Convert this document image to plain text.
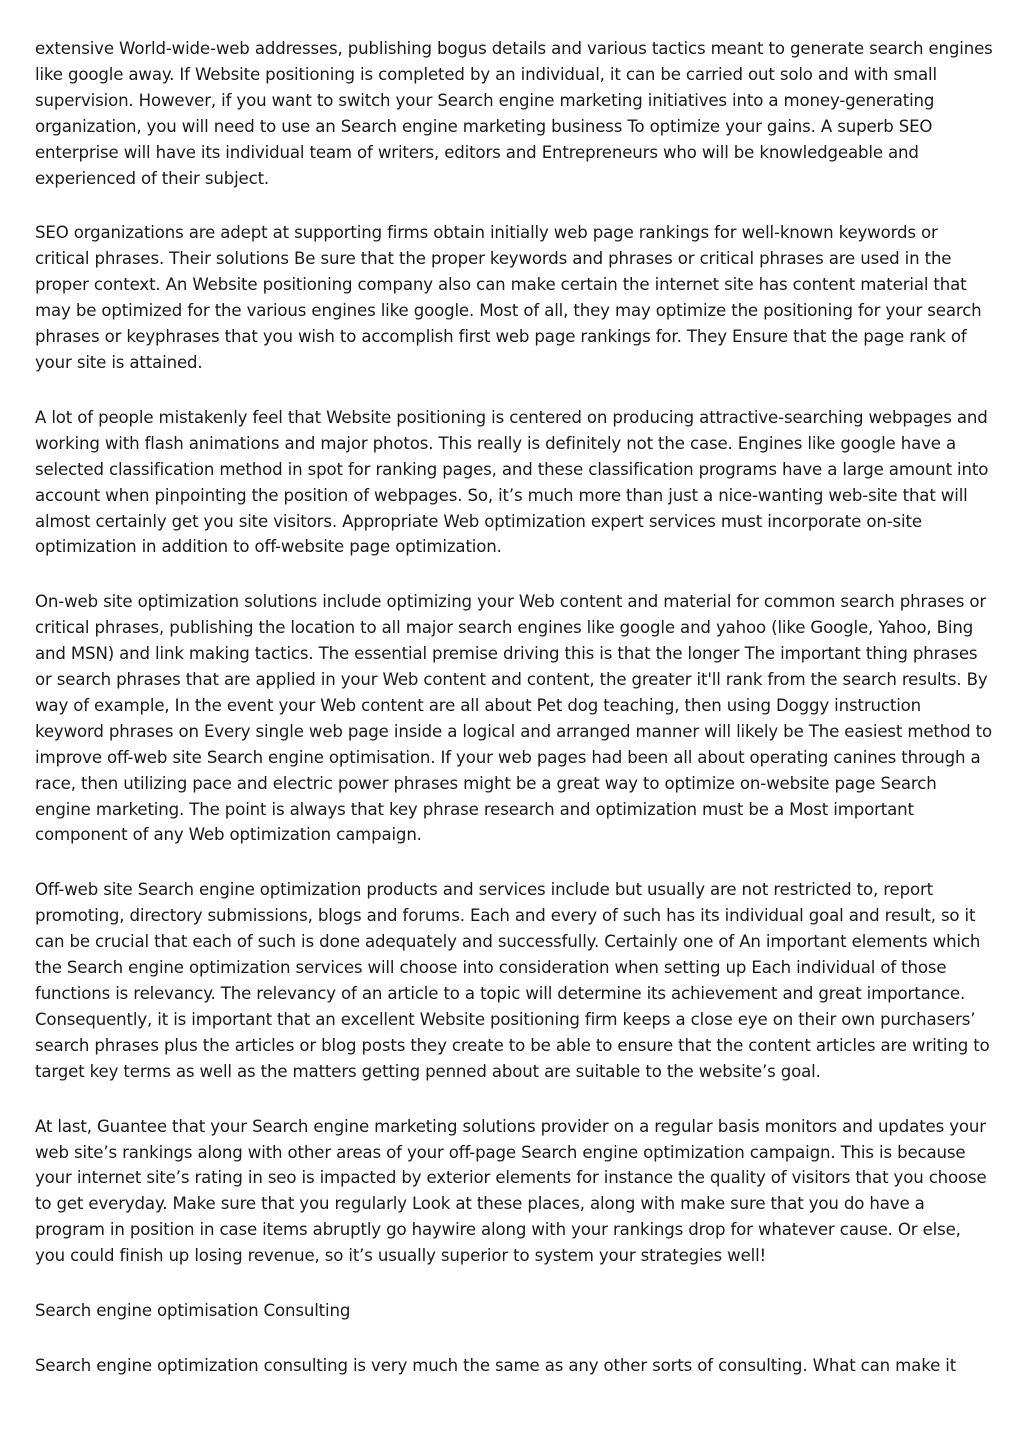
extensive World-wide-web addresses, publishing bogus details and various tactics meant to generate search engines like google away. If Website positioning is completed by an individual, it can be carried out solo and with small supervision. However, if you want to switch your Search engine marketing initiatives into a money-generating organization, you will need to use an Search engine marketing business To optimize your gains. A superb SEO enterprise will have its individual team of writers, editors and Entrepreneurs who will be knowledgeable and experienced of their subject.

SEO organizations are adept at supporting firms obtain initially web page rankings for well-known keywords or critical phrases. Their solutions Be sure that the proper keywords and phrases or critical phrases are used in the proper context. An Website positioning company also can make certain the internet site has content material that may be optimized for the various engines like google. Most of all, they may optimize the positioning for your search phrases or keyphrases that you wish to accomplish first web page rankings for. They Ensure that the page rank of your site is attained.

A lot of people mistakenly feel that Website positioning is centered on producing attractive-searching webpages and working with flash animations and major photos. This really is definitely not the case. Engines like google have a selected classification method in spot for ranking pages, and these classification programs have a large amount into account when pinpointing the position of webpages. So, it’s much more than just a nice-wanting web-site that will almost certainly get you site visitors. Appropriate Web optimization expert services must incorporate on-site optimization in addition to off-website page optimization.

On-web site optimization solutions include optimizing your Web content and material for common search phrases or critical phrases, publishing the location to all major search engines like google and yahoo (like Google, Yahoo, Bing and MSN) and link making tactics. The essential premise driving this is that the longer The important thing phrases or search phrases that are applied in your Web content and content, the greater it'll rank from the search results. By way of example, In the event your Web content are all about Pet dog teaching, then using Doggy instruction keyword phrases on Every single web page inside a logical and arranged manner will likely be The easiest method to improve off-web site Search engine optimisation. If your web pages had been all about operating canines through a race, then utilizing pace and electric power phrases might be a great way to optimize on-website page Search engine marketing. The point is always that key phrase research and optimization must be a Most important component of any Web optimization campaign.

Off-web site Search engine optimization products and services include but usually are not restricted to, report promoting, directory submissions, blogs and forums. Each and every of such has its individual goal and result, so it can be crucial that each of such is done adequately and successfully. Certainly one of An important elements which the Search engine optimization services will choose into consideration when setting up Each individual of those functions is relevancy. The relevancy of an article to a topic will determine its achievement and great importance. Consequently, it is important that an excellent Website positioning firm keeps a close eye on their own purchasers’ search phrases plus the articles or blog posts they create to be able to ensure that the content articles are writing to target key terms as well as the matters getting penned about are suitable to the website’s goal.

At last, Guantee that your Search engine marketing solutions provider on a regular basis monitors and updates your web site’s rankings along with other areas of your off-page Search engine optimization campaign. This is because your internet site’s rating in seo is impacted by exterior elements for instance the quality of visitors that you choose to get everyday. Make sure that you regularly Look at these places, along with make sure that you do have a program in position in case items abruptly go haywire along with your rankings drop for whatever cause. Or else, you could finish up losing revenue, so it’s usually superior to system your strategies well!

Search engine optimisation Consulting

Search engine optimization consulting is very much the same as any other sorts of consulting. What can make it
